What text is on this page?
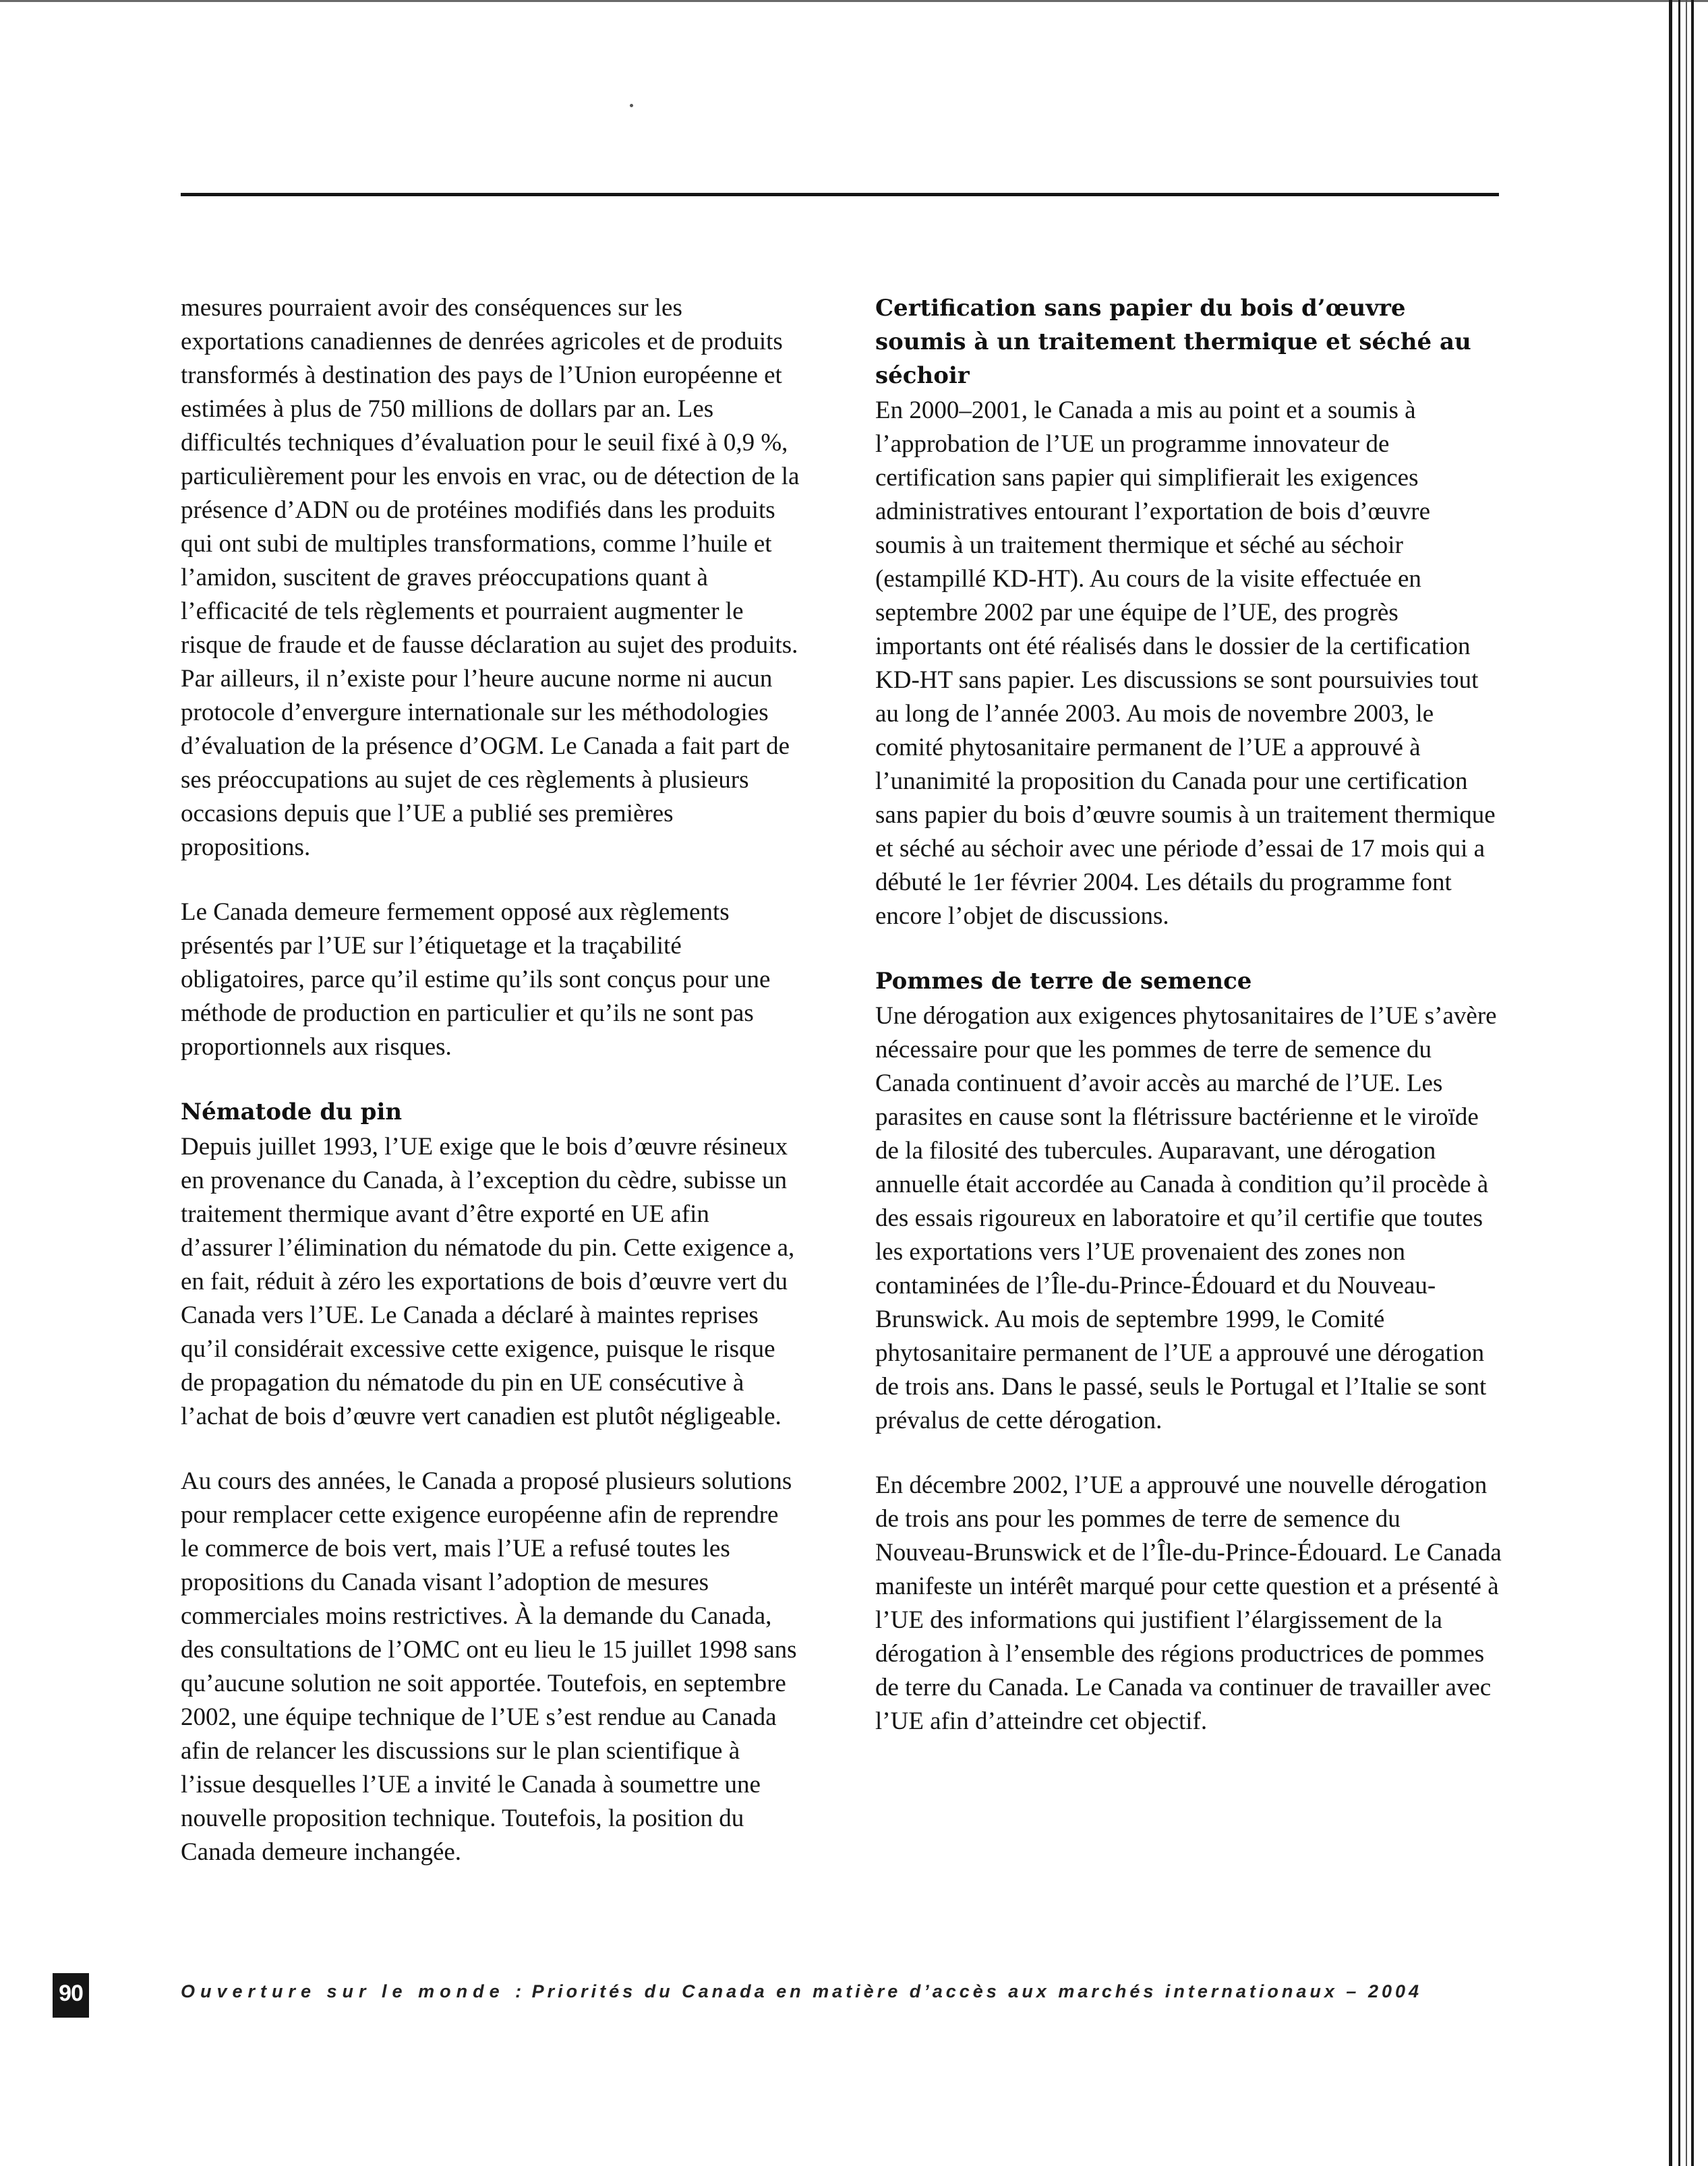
mesures pourraient avoir des conséquences sur les exportations canadiennes de denrées agricoles et de produits transformés à destination des pays de l’Union européenne et estimées à plus de 750 millions de dollars par an. Les difficultés techniques d’évaluation pour le seuil fixé à 0,9 %, particulièrement pour les envois en vrac, ou de détection de la présence d’ADN ou de protéines modifiés dans les produits qui ont subi de multiples transformations, comme l’huile et l’amidon, suscitent de graves préoccupations quant à l’efficacité de tels règlements et pourraient augmenter le risque de fraude et de fausse déclaration au sujet des produits. Par ailleurs, il n’existe pour l’heure aucune norme ni aucun protocole d’envergure internationale sur les méthodologies d’évaluation de la présence d’OGM. Le Canada a fait part de ses préoccupations au sujet de ces règlements à plusieurs occasions depuis que l’UE a publié ses premières propositions.

Le Canada demeure fermement opposé aux règlements présentés par l’UE sur l’étiquetage et la traçabilité obligatoires, parce qu’il estime qu’ils sont conçus pour une méthode de production en particulier et qu’ils ne sont pas proportionnels aux risques.

Nématode du pin

Depuis juillet 1993, l’UE exige que le bois d’œuvre résineux en provenance du Canada, à l’exception du cèdre, subisse un traitement thermique avant d’être exporté en UE afin d’assurer l’élimination du nématode du pin. Cette exigence a, en fait, réduit à zéro les exportations de bois d’œuvre vert du Canada vers l’UE. Le Canada a déclaré à maintes reprises qu’il considérait excessive cette exigence, puisque le risque de propagation du nématode du pin en UE consécutive à l’achat de bois d’œuvre vert canadien est plutôt négligeable.

Au cours des années, le Canada a proposé plusieurs solutions pour remplacer cette exigence européenne afin de reprendre le commerce de bois vert, mais l’UE a refusé toutes les propositions du Canada visant l’adoption de mesures commerciales moins restrictives. À la demande du Canada, des consultations de l’OMC ont eu lieu le 15 juillet 1998 sans qu’aucune solution ne soit apportée. Toutefois, en septembre 2002, une équipe technique de l’UE s’est rendue au Canada afin de relancer les discussions sur le plan scientifique à l’issue desquelles l’UE a invité le Canada à soumettre une nouvelle proposition technique. Toutefois, la position du Canada demeure inchangée.

Certification sans papier du bois d’œuvre soumis à un traitement thermique et séché au séchoir

En 2000–2001, le Canada a mis au point et a soumis à l’approbation de l’UE un programme innovateur de certification sans papier qui simplifierait les exigences administratives entourant l’exportation de bois d’œuvre soumis à un traitement thermique et séché au séchoir (estampillé KD-HT). Au cours de la visite effectuée en septembre 2002 par une équipe de l’UE, des progrès importants ont été réalisés dans le dossier de la certification KD-HT sans papier. Les discussions se sont poursuivies tout au long de l’année 2003. Au mois de novembre 2003, le comité phytosanitaire permanent de l’UE a approuvé à l’unanimité la proposition du Canada pour une certification sans papier du bois d’œuvre soumis à un traitement thermique et séché au séchoir avec une période d’essai de 17 mois qui a débuté le 1er février 2004. Les détails du programme font encore l’objet de discussions.

Pommes de terre de semence

Une dérogation aux exigences phytosanitaires de l’UE s’avère nécessaire pour que les pommes de terre de semence du Canada continuent d’avoir accès au marché de l’UE. Les parasites en cause sont la flétrissure bactérienne et le viroïde de la filosité des tubercules. Auparavant, une dérogation annuelle était accordée au Canada à condition qu’il procède à des essais rigoureux en laboratoire et qu’il certifie que toutes les exportations vers l’UE provenaient des zones non contaminées de l’Île-du-Prince-Édouard et du Nouveau-Brunswick. Au mois de septembre 1999, le Comité phytosanitaire permanent de l’UE a approuvé une dérogation de trois ans. Dans le passé, seuls le Portugal et l’Italie se sont prévalus de cette dérogation.

En décembre 2002, l’UE a approuvé une nouvelle dérogation de trois ans pour les pommes de terre de semence du Nouveau-Brunswick et de l’Île-du-Prince-Édouard. Le Canada manifeste un intérêt marqué pour cette question et a présenté à l’UE des informations qui justifient l’élargissement de la dérogation à l’ensemble des régions productrices de pommes de terre du Canada. Le Canada va continuer de travailler avec l’UE afin d’atteindre cet objectif.

90	Ouverture sur le monde : Priorités du Canada en matière d’accès aux marchés internationaux – 2004
